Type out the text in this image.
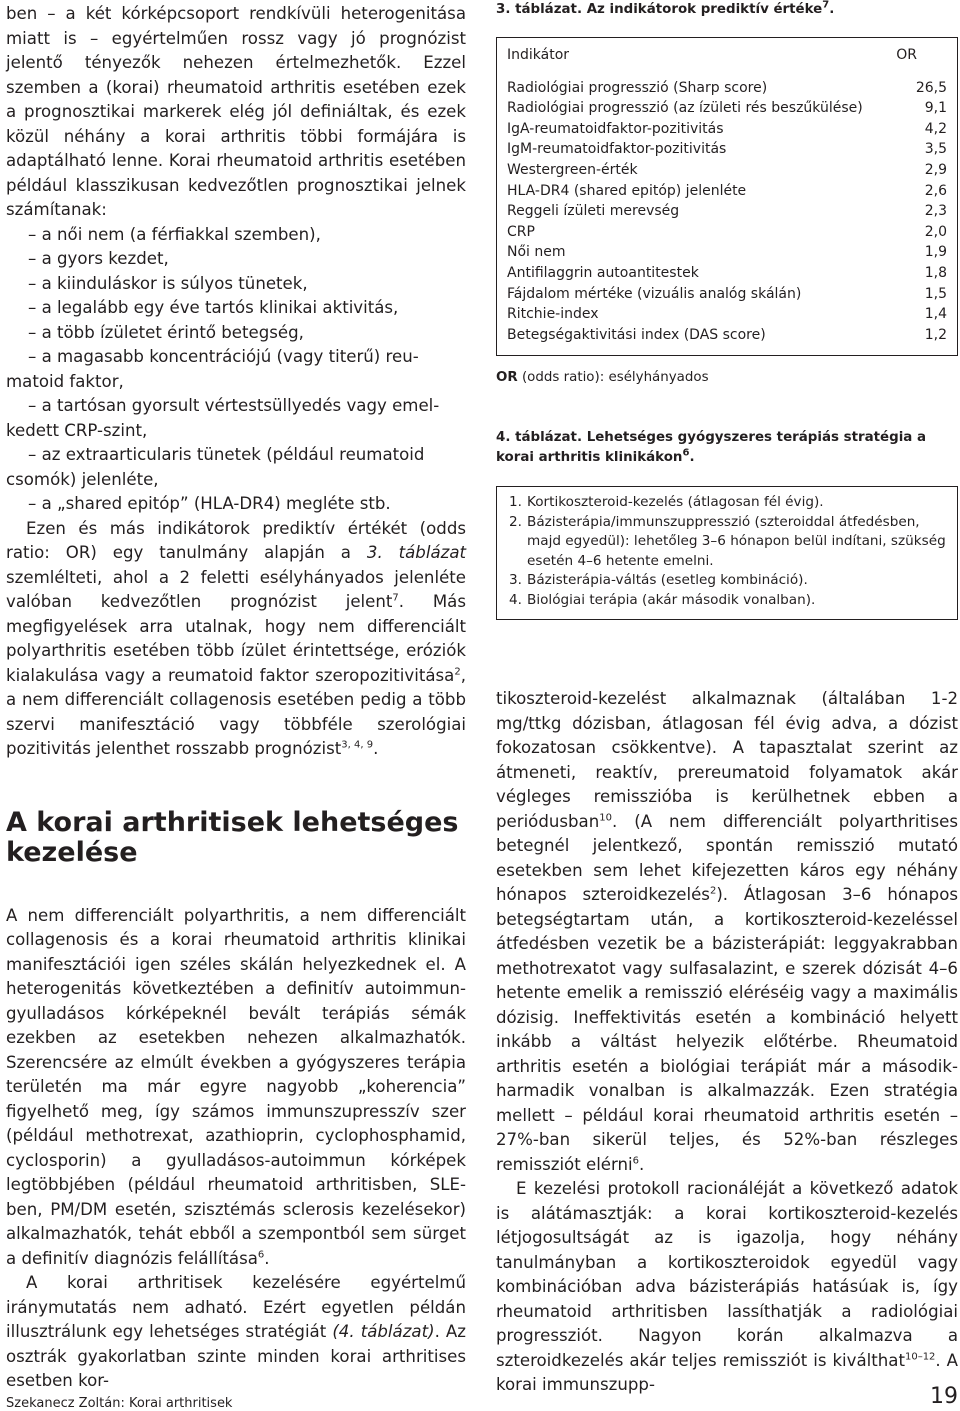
ben – a két kórképcsoport rendkívüli heterogenitása miatt is – egyértelműen rossz vagy jó prognózist jelentő tényezők nehezen értelmezhetők. Ezzel szemben a (korai) rheumatoid arthritis esetében ezek a prognosztikai markerek elég jól definiáltak, és ezek közül néhány a korai arthritis többi formájára is adaptálható lenne. Korai rheumatoid arthritis esetében például klasszikusan kedvezőtlen prognosztikai jelnek számítanak:

– a női nem (a férfiakkal szemben),

– a gyors kezdet,

– a kiinduláskor is súlyos tünetek,

– a legalább egy éve tartós klinikai aktivitás,

– a több ízületet érintő betegség,

– a magasabb koncentrációjú (vagy titerű) reu-

matoid faktor,

– a tartósan gyorsult vértestsüllyedés vagy emel-

kedett CRP-szint,

– az extraarticularis tünetek (például reumatoid

csomók) jelenléte,

– a „shared epitóp” (HLA-DR4) megléte stb.

Ezen és más indikátorok prediktív értékét (odds ratio: OR) egy tanulmány alapján a 3. táblázat szemlélteti, ahol a 2 feletti esélyhányados jelenléte valóban kedvezőtlen prognózist jelent$^7$. Más megfigyelések arra utalnak, hogy nem differenciált polyarthritis esetében több ízület érintettsége, eróziók kialakulása vagy a reumatoid faktor szeropozitivitása$^2$, a nem differenciált collagenosis esetében pedig a több szervi manifesztáció vagy többféle szerológiai pozitivitás jelenthet rosszabb prognózist$^{3, 4, 9}$.

A korai arthritisek lehetséges kezelése

A nem differenciált polyarthritis, a nem differenciált collagenosis és a korai rheumatoid arthritis klinikai manifesztációi igen széles skálán helyezkednek el. A heterogenitás következtében a definitív autoimmun-gyulladásos kórképeknél bevált terápiás sémák ezekben az esetekben nehezen alkalmazhatók. Szerencsére az elmúlt években a gyógyszeres terápia területén ma már egyre nagyobb „koherencia” figyelhető meg, így számos immunszupresszív szer (például methotrexat, azathioprin, cyclophosphamid, cyclosporin) a gyulladásos-autoimmun kórképek legtöbbjében (például rheumatoid arthritisben, SLE-ben, PM/DM esetén, szisztémás sclerosis kezelésekor) alkalmazhatók, tehát ebből a szempontból sem sürget a definitív diagnózis felállítása$^6$.

A korai arthritisek kezelésére egyértelmű iránymutatás nem adható. Ezért egyetlen példán illusztrálunk egy lehetséges stratégiát (4. táblázat). Az osztrák gyakorlatban szinte minden korai arthritises esetben kor-

3. táblázat. Az indikátorok prediktív értéke$^7$.
Indikátor	OR
Radiológiai progresszió (Sharp score)	26,5
Radiológiai progresszió (az ízületi rés beszűkülése)	9,1
IgA-reumatoidfaktor-pozitivitás	4,2
IgM-reumatoidfaktor-pozitivitás	3,5
Westergreen-érték	2,9
HLA-DR4 (shared epitóp) jelenléte	2,6
Reggeli ízületi merevség	2,3
CRP	2,0
Női nem	1,9
Antifilaggrin autoantitestek	1,8
Fájdalom mértéke (vizuális analóg skálán)	1,5
Ritchie-index	1,4
Betegségaktivitási index (DAS score)	1,2
OR (odds ratio): esélyhányados
4. táblázat. Lehetséges gyógyszeres terápiás stratégia a korai arthritis klinikákon$^6$.
1. Kortikoszteroid-kezelés (átlagosan fél évig).
2. Bázisterápia/immunszuppresszió (szteroiddal átfedésben, majd egyedül): lehetőleg 3–6 hónapon belül indítani, szükség esetén 4–6 hetente emelni.
3. Bázisterápia-váltás (esetleg kombináció).
4. Biológiai terápia (akár második vonalban).

tikoszteroid-kezelést alkalmaznak (általában 1-2 mg/ttkg dózisban, átlagosan fél évig adva, a dózist fokozatosan csökkentve). A tapasztalat szerint az átmeneti, reaktív, prereumatoid folyamatok akár végleges remisszióba is kerülhetnek ebben a periódusban$^{10}$. (A nem differenciált polyarthritises betegnél jelentkező, spontán remisszió mutató esetekben sem lehet kifejezetten káros egy néhány hónapos szteroidkezelés$^2$). Átlagosan 3–6 hónapos betegségtartam után, a kortikoszteroid-kezeléssel átfedésben vezetik be a bázisterápiát: leggyakrabban methotrexatot vagy sulfasalazint, e szerek dózisát 4–6 hetente emelik a remisszió eléréséig vagy a maximális dózisig. Ineffektivitás esetén a kombináció helyett inkább a váltást helyezik előtérbe. Rheumatoid arthritis esetén a biológiai terápiát már a második-harmadik vonalban is alkalmazzák. Ezen stratégia mellett – például korai rheumatoid arthritis esetén – 27%-ban sikerül teljes, és 52%-ban részleges remissziót elérni$^6$.

E kezelési protokoll racionáléját a következő adatok is alátámasztják: a korai kortikoszteroid-kezelés létjogosultságát az is igazolja, hogy néhány tanulmányban a kortikoszteroidok egyedül vagy kombinációban adva bázisterápiás hatásúak is, így rheumatoid arthritisben lassíthatják a radiológiai progressziót. Nagyon korán alkalmazva a szteroidkezelés akár teljes remissziót is kiválthat$^{10-12}$. A korai immunszupp-

Szekanecz Zoltán: Korai arthritisek	19
